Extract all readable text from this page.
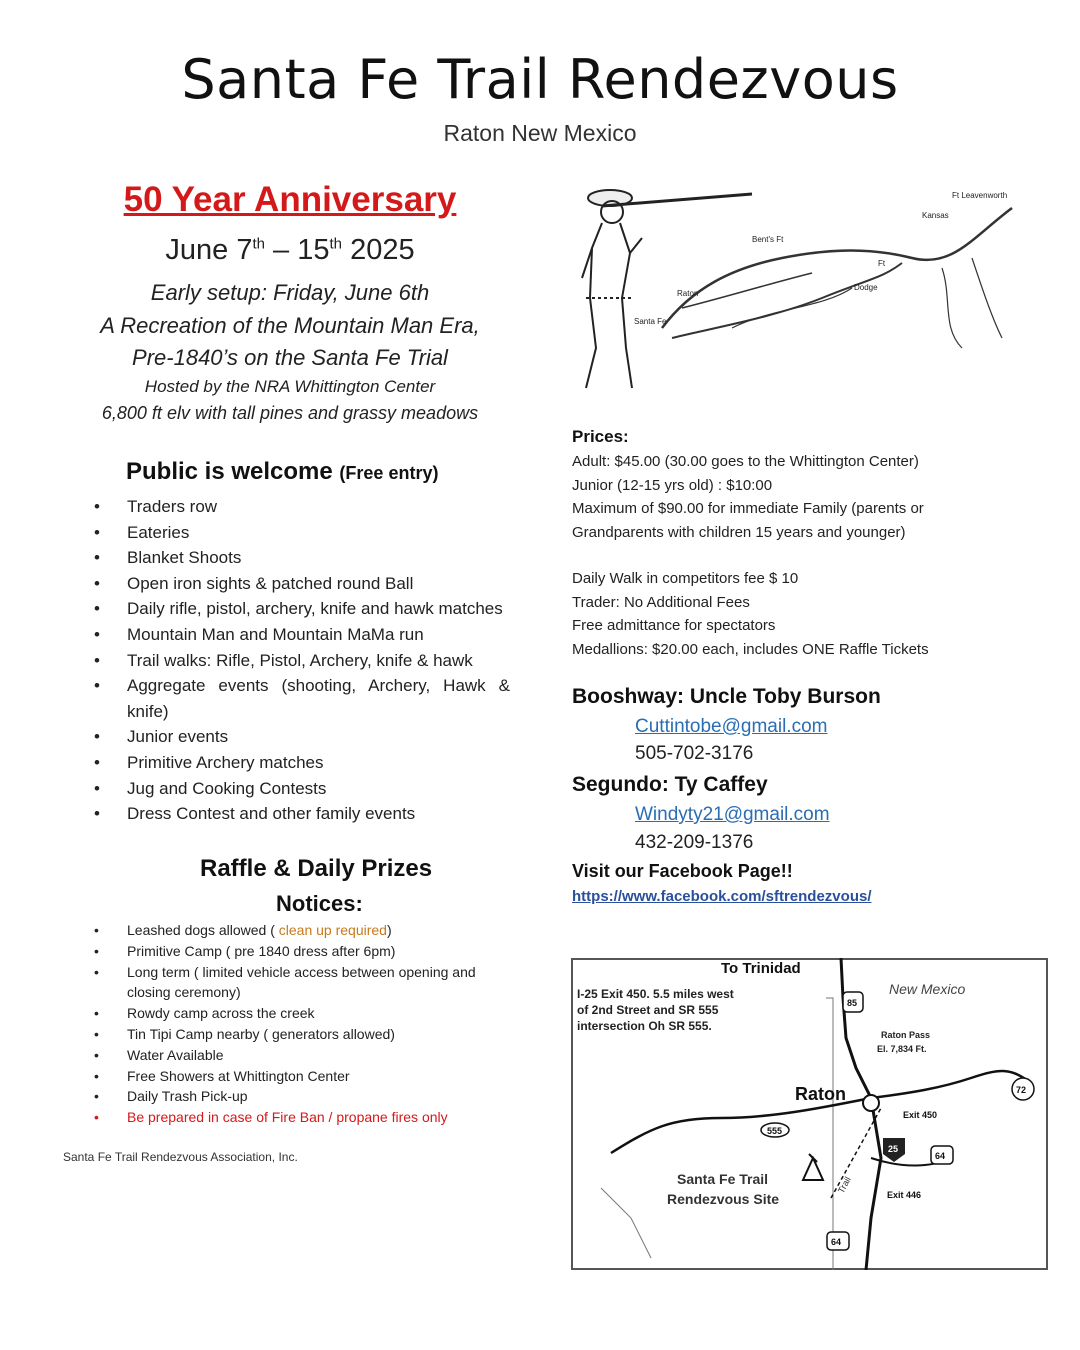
Santa Fe Trail Rendezvous
Raton New Mexico
50 Year Anniversary
June 7th – 15th 2025
Early setup: Friday, June 6th
A Recreation of the Mountain Man Era,
Pre-1840’s on the Santa Fe Trial
Hosted by the NRA Whittington Center
6,800 ft elv with tall pines and grassy meadows
Public is welcome (Free entry)
• Traders row
• Eateries
• Blanket Shoots
• Open iron sights & patched round Ball
• Daily rifle, pistol, archery, knife and hawk matches
• Mountain Man and Mountain MaMa run
• Trail walks: Rifle, Pistol, Archery, knife & hawk
• Aggregate events (shooting, Archery, Hawk & knife)
• Junior events
• Primitive Archery matches
• Jug and Cooking Contests
• Dress Contest and other family events
Raffle & Daily Prizes
Notices:
• Leashed dogs allowed ( clean up required)
• Primitive Camp ( pre 1840 dress after 6pm)
• Long term ( limited vehicle access between opening and closing ceremony)
• Rowdy camp across the creek
• Tin Tipi Camp nearby ( generators allowed)
• Water Available
• Free Showers at Whittington Center
• Daily Trash Pick-up
• Be prepared in case of Fire Ban / propane fires only
Santa Fe Trail Rendezvous Association, Inc.
Ft Leavenworth
Kansas
Bent's Ft
Raton
Santa Fe
Dodge
Ft
Prices:
Adult: $45.00 (30.00 goes to the Whittington Center)
Junior (12-15 yrs old) : $10:00
Maximum of $90.00 for immediate Family (parents or
Grandparents with children 15 years and younger)
Daily Walk in competitors fee $ 10
Trader: No Additional Fees
Free admittance for spectators
Medallions: $20.00 each, includes ONE Raffle Tickets
Booshway: Uncle Toby Burson
Cuttintobe@gmail.com
505-702-3176
Segundo: Ty Caffey
Windyty21@gmail.com
432-209-1376
Visit our Facebook Page!!
https://www.facebook.com/sftrendezvous/
To Trinidad
I-25 Exit 450. 5.5 miles west
of 2nd Street and SR 555
intersection Oh SR 555.
New Mexico
Raton Pass
El. 7,834 Ft.
Raton
Exit 450
Exit 446
Santa Fe Trail
Rendezvous Site
Trail
555
85
72
64
64
25
